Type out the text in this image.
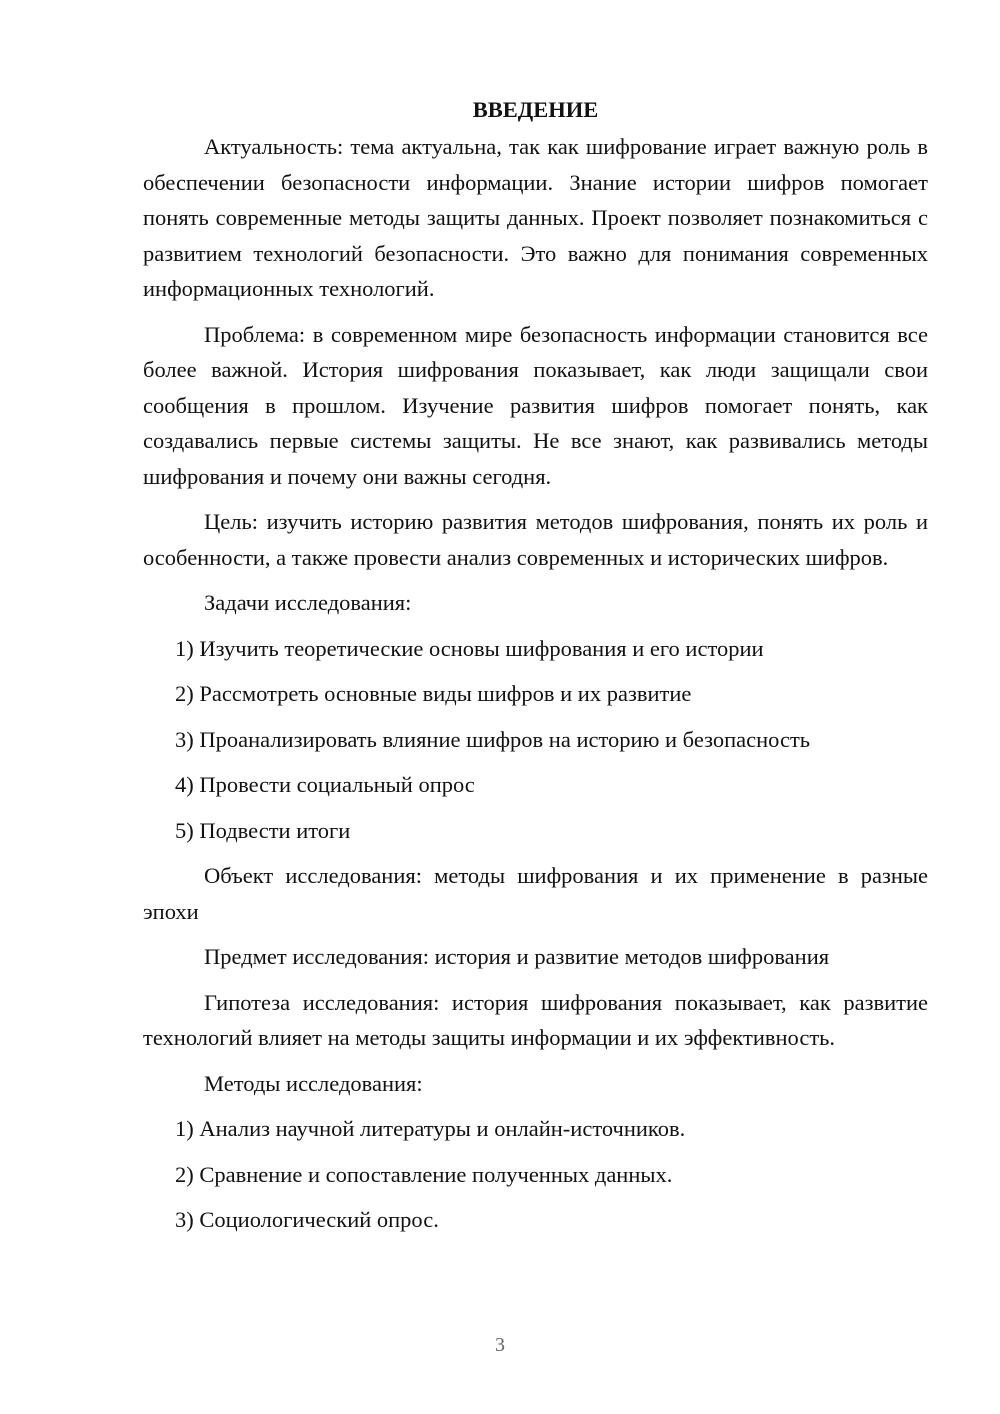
ВВЕДЕНИЕ

Актуальность: тема актуальна, так как шифрование играет важную роль в обеспечении безопасности информации. Знание истории шифров помогает понять современные методы защиты данных. Проект позволяет познакомиться с развитием технологий безопасности. Это важно для понимания современных информационных технологий.

Проблема: в современном мире безопасность информации становится все более важной. История шифрования показывает, как люди защищали свои сообщения в прошлом. Изучение развития шифров помогает понять, как создавались первые системы защиты. Не все знают, как развивались методы шифрования и почему они важны сегодня.

Цель: изучить историю развития методов шифрования, понять их роль и особенности, а также провести анализ современных и исторических шифров.

Задачи исследования:

1) Изучить теоретические основы шифрования и его истории

2) Рассмотреть основные виды шифров и их развитие

3) Проанализировать влияние шифров на историю и безопасность

4) Провести социальный опрос

5) Подвести итоги

Объект исследования: методы шифрования и их применение в разные эпохи

Предмет исследования: история и развитие методов шифрования

Гипотеза исследования: история шифрования показывает, как развитие технологий влияет на методы защиты информации и их эффективность.

Методы исследования:

1) Анализ научной литературы и онлайн-источников.

2) Сравнение и сопоставление полученных данных.

3) Социологический опрос.

3
